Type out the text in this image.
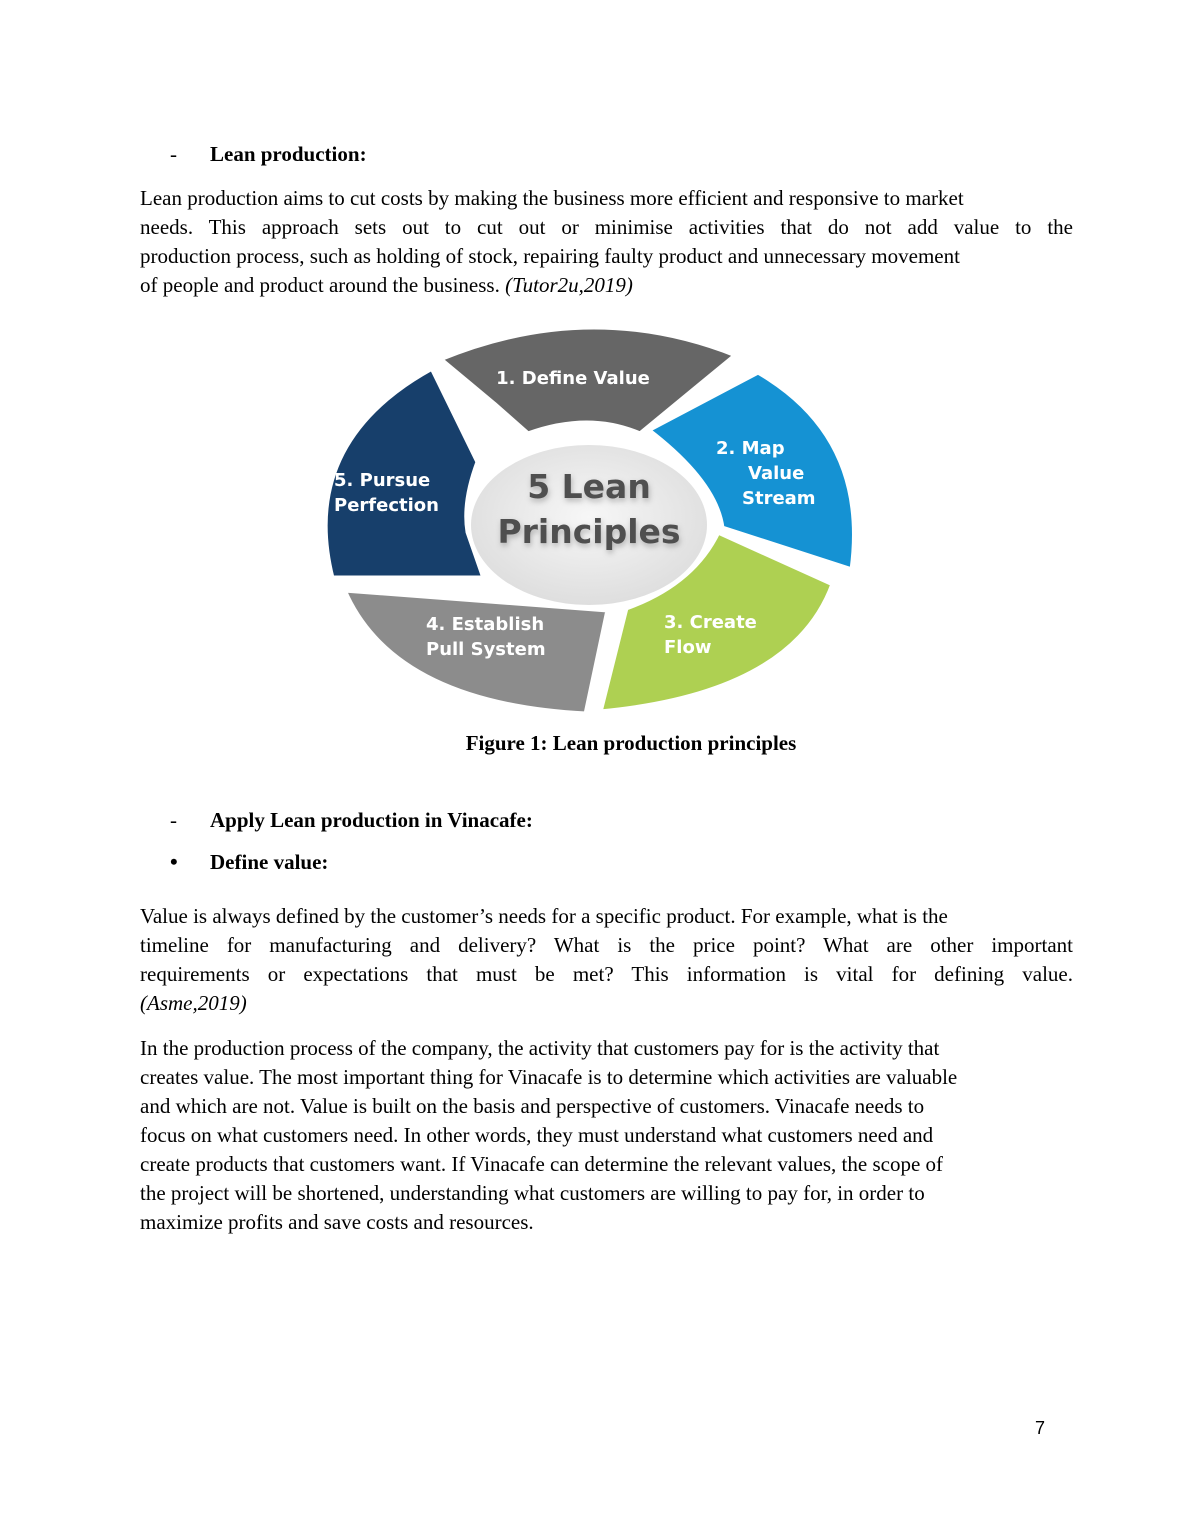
- Lean production:
Lean production aims to cut costs by making the business more efficient and responsive to market
needs. This approach sets out to cut out or minimise activities that do not add value to the
production process, such as holding of stock, repairing faulty product and unnecessary movement
of people and product around the business. (Tutor2u,2019)
1. Define Value
2. Map
Value
Stream
3. Create
Flow
4. Establish
Pull System
5. Pursue
Perfection	5 Lean
Principles
Figure 1: Lean production principles
- Apply Lean production in Vinacafe:
• Define value:
Value is always defined by the customer’s needs for a specific product. For example, what is the
timeline for manufacturing and delivery? What is the price point? What are other important
requirements or expectations that must be met? This information is vital for defining value.
(Asme,2019)
In the production process of the company, the activity that customers pay for is the activity that
creates value. The most important thing for Vinacafe is to determine which activities are valuable
and which are not. Value is built on the basis and perspective of customers. Vinacafe needs to
focus on what customers need. In other words, they must understand what customers need and
create products that customers want. If Vinacafe can determine the relevant values, the scope of
the project will be shortened, understanding what customers are willing to pay for, in order to
maximize profits and save costs and resources.
7
